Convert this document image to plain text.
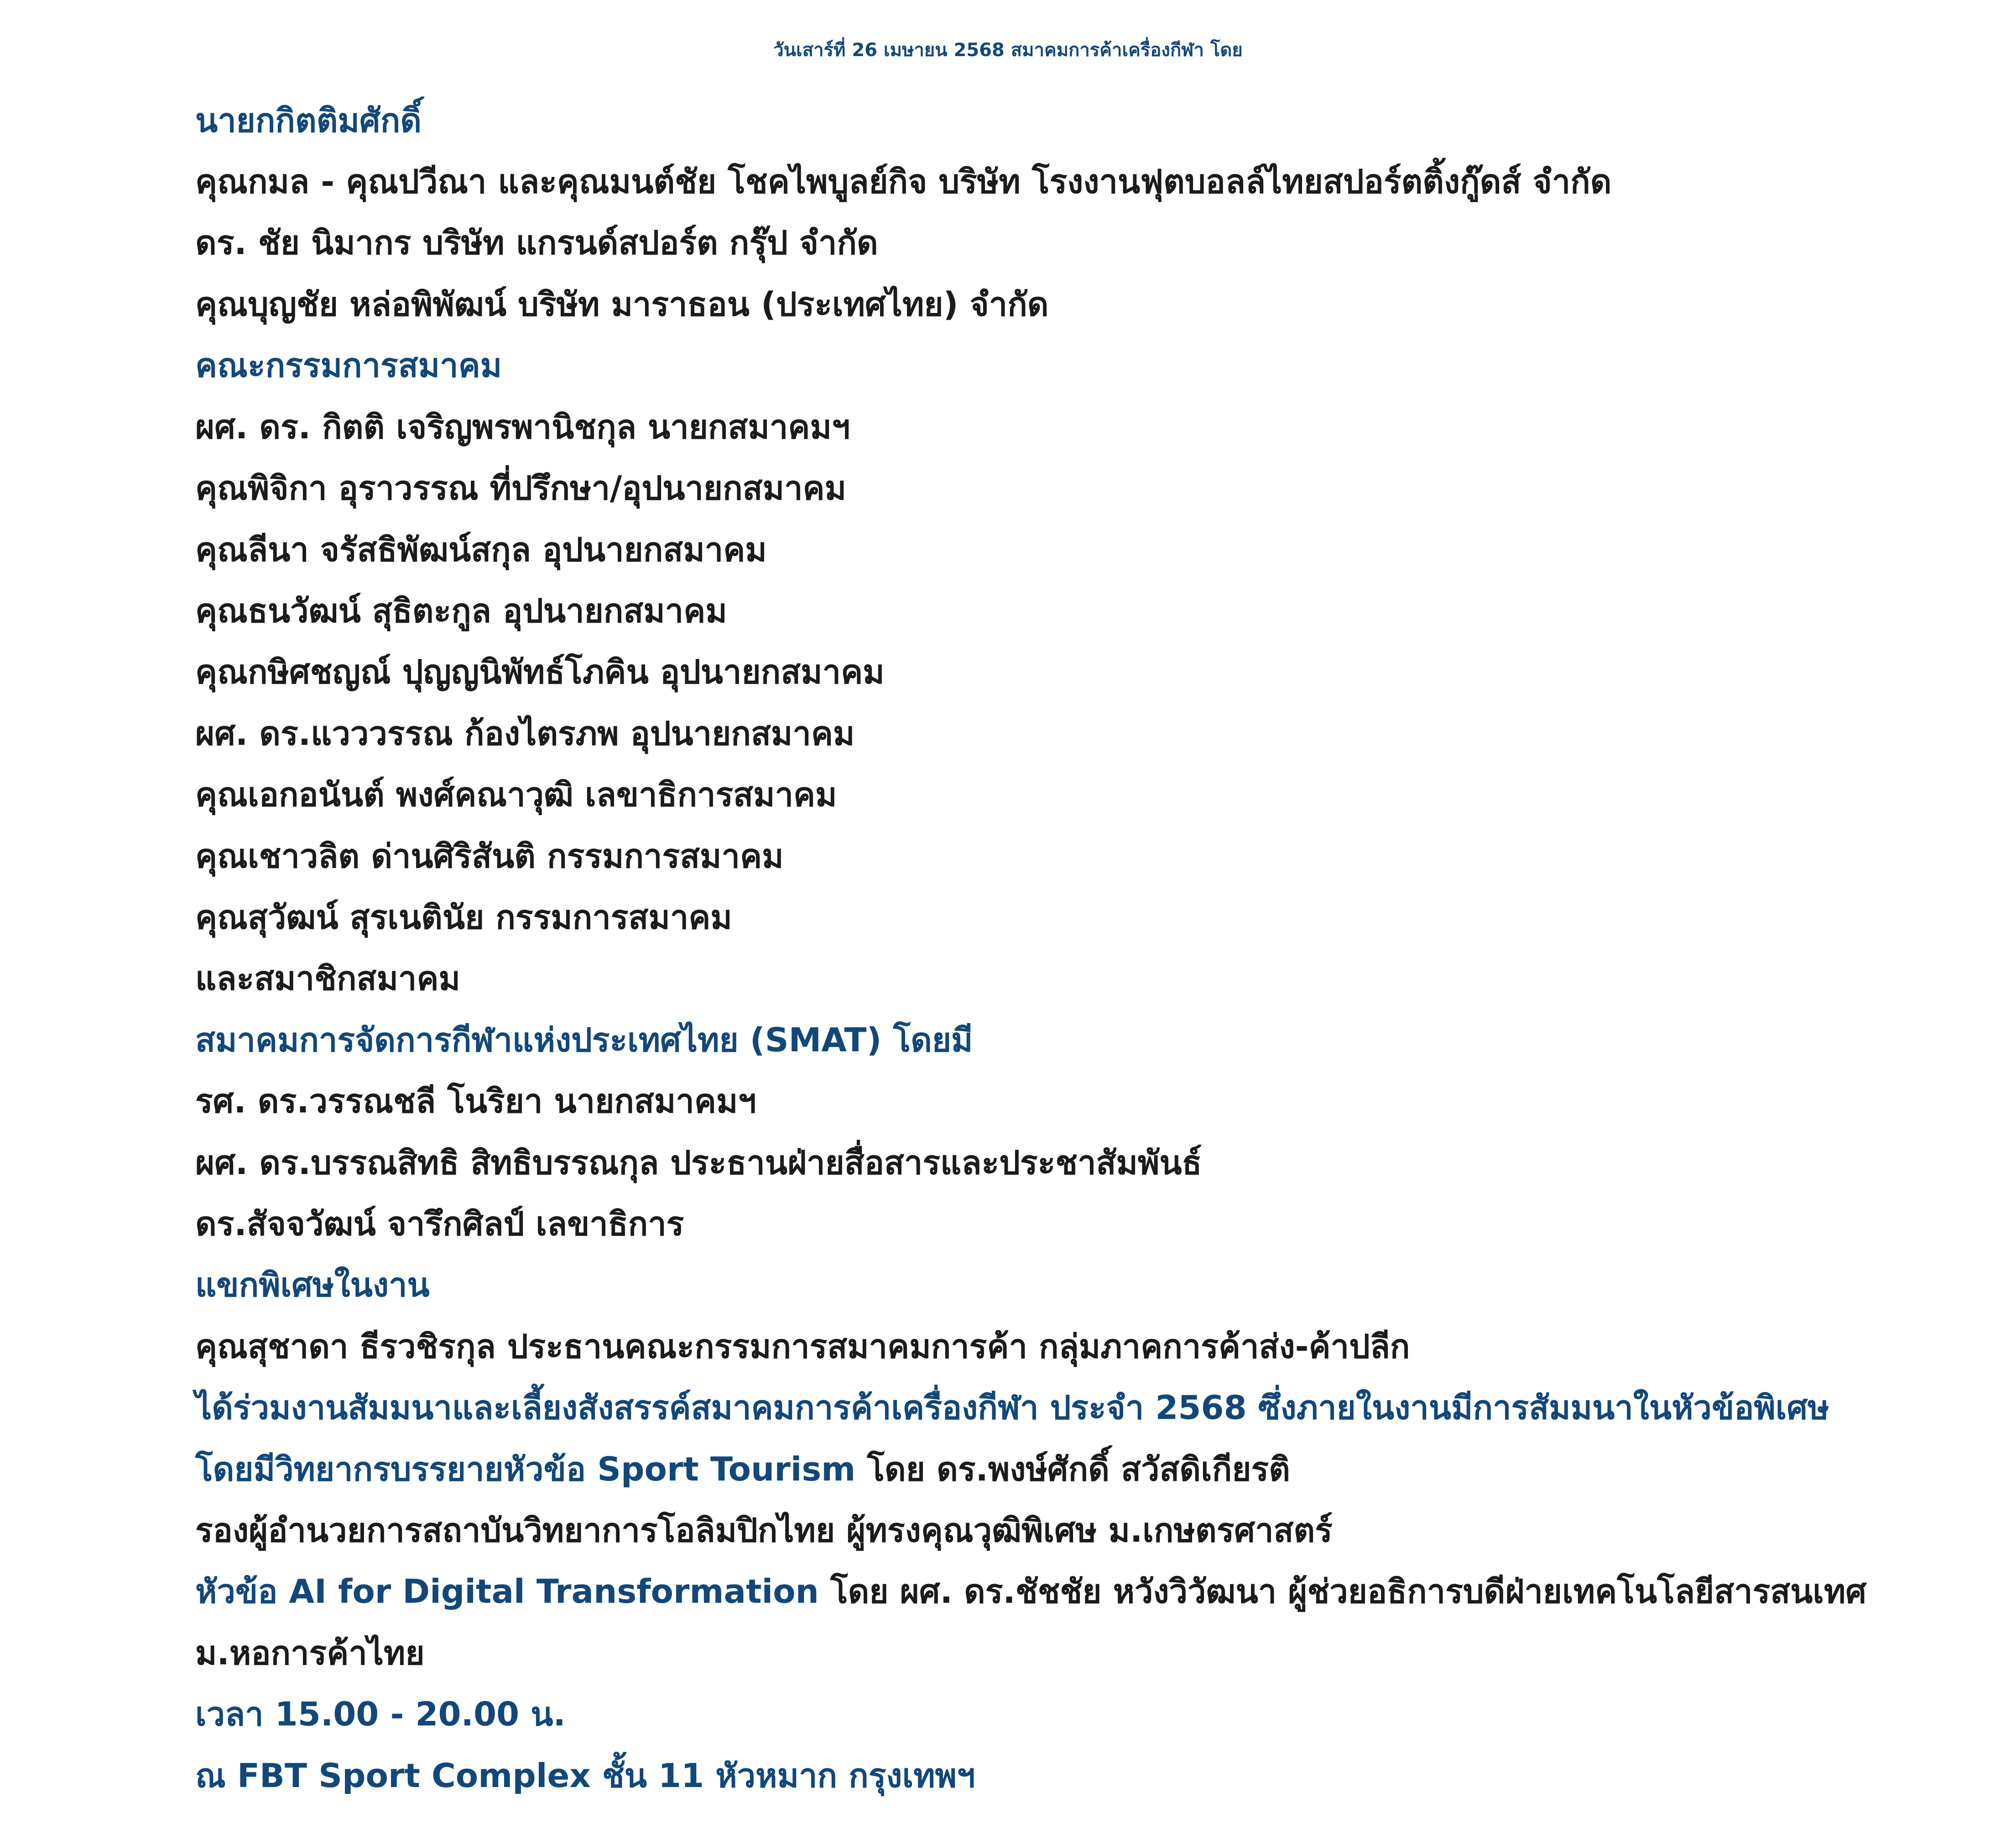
วันเสาร์ที่ 26 เมษายน 2568 สมาคมการค้าเครื่องกีฬา โดย
นายกกิตติมศักดิ์
คุณกมล - คุณปวีณา และคุณมนต์ชัย โชคไพบูลย์กิจ บริษัท โรงงานฟุตบอลล์ไทยสปอร์ตติ้งกู๊ดส์ จำกัด
ดร. ชัย นิมากร บริษัท แกรนด์สปอร์ต กรุ๊ป จำกัด
คุณบุญชัย หล่อพิพัฒน์ บริษัท มาราธอน (ประเทศไทย) จำกัด
คณะกรรมการสมาคม
ผศ. ดร. กิตติ เจริญพรพานิชกุล นายกสมาคมฯ
คุณพิจิกา อุราวรรณ ที่ปรึกษา/อุปนายกสมาคม
คุณลีนา จรัสธิพัฒน์สกุล อุปนายกสมาคม
คุณธนวัฒน์ สุธิตะกูล อุปนายกสมาคม
คุณกษิศชญณ์ ปุญญนิพัทธ์โภคิน อุปนายกสมาคม
ผศ. ดร.แวววรรณ ก้องไตรภพ อุปนายกสมาคม
คุณเอกอนันต์ พงศ์คณาวุฒิ เลขาธิการสมาคม
คุณเชาวลิต ด่านศิริสันติ กรรมการสมาคม
คุณสุวัฒน์ สุรเนตินัย กรรมการสมาคม
และสมาชิกสมาคม
สมาคมการจัดการกีฬาแห่งประเทศไทย (SMAT) โดยมี
รศ. ดร.วรรณชลี โนริยา นายกสมาคมฯ
ผศ. ดร.บรรณสิทธิ สิทธิบรรณกุล ประธานฝ่ายสื่อสารและประชาสัมพันธ์
ดร.สัจจวัฒน์ จารึกศิลป์ เลขาธิการ
แขกพิเศษในงาน
คุณสุชาดา ธีรวชิรกุล ประธานคณะกรรมการสมาคมการค้า กลุ่มภาคการค้าส่ง-ค้าปลีก
ได้ร่วมงานสัมมนาและเลี้ยงสังสรรค์สมาคมการค้าเครื่องกีฬา ประจำ 2568 ซึ่งภายในงานมีการสัมมนาในหัวข้อพิเศษ
โดยมีวิทยากรบรรยายหัวข้อ Sport Tourism โดย ดร.พงษ์ศักดิ์ สวัสดิเกียรติ
รองผู้อำนวยการสถาบันวิทยาการโอลิมปิกไทย ผู้ทรงคุณวุฒิพิเศษ ม.เกษตรศาสตร์
หัวข้อ AI for Digital Transformation โดย ผศ. ดร.ชัชชัย หวังวิวัฒนา ผู้ช่วยอธิการบดีฝ่ายเทคโนโลยีสารสนเทศ
ม.หอการค้าไทย
เวลา 15.00 - 20.00 น.
ณ FBT Sport Complex ชั้น 11 หัวหมาก กรุงเทพฯ
